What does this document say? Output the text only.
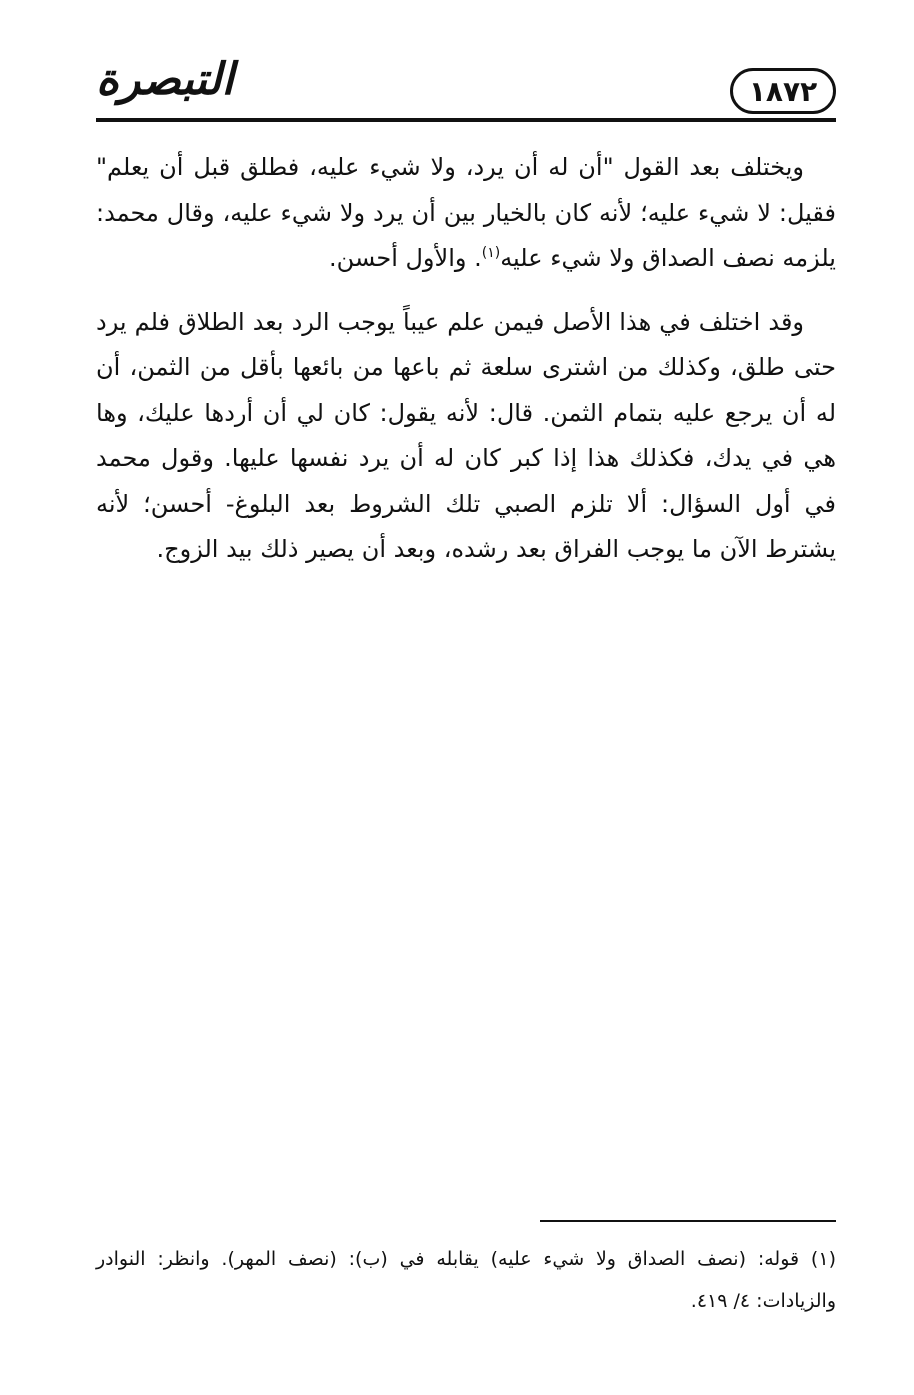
التبصرة	١٨٧٢

ويختلف بعد القول "أن له أن يرد، ولا شيء عليه، فطلق قبل أن يعلم" فقيل: لا شيء عليه؛ لأنه كان بالخيار بين أن يرد ولا شيء عليه، وقال محمد: يلزمه نصف الصداق ولا شيء عليه$^{(١)}$. والأول أحسن.

وقد اختلف في هذا الأصل فيمن علم عيباً يوجب الرد بعد الطلاق فلم يرد حتى طلق، وكذلك من اشترى سلعة ثم باعها من بائعها بأقل من الثمن، أن له أن يرجع عليه بتمام الثمن. قال: لأنه يقول: كان لي أن أردها عليك، وها هي في يدك، فكذلك هذا إذا كبر كان له أن يرد نفسها عليها. وقول محمد في أول السؤال: ألا تلزم الصبي تلك الشروط بعد البلوغ- أحسن؛ لأنه يشترط الآن ما يوجب الفراق بعد رشده، وبعد أن يصير ذلك بيد الزوج.

(١) قوله: (نصف الصداق ولا شيء عليه) يقابله في (ب): (نصف المهر). وانظر: النوادر والزيادات: ٤/ ٤١٩.
